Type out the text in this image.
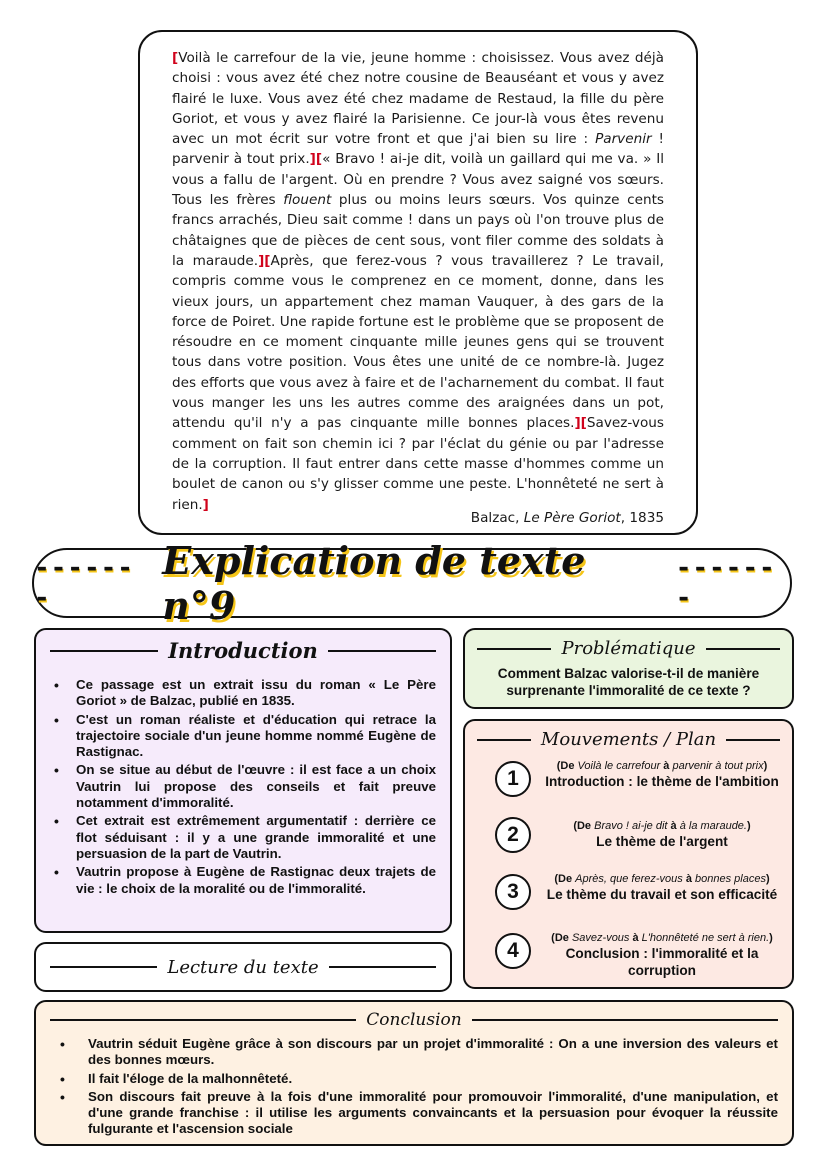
[Voilà le carrefour de la vie, jeune homme : choisissez. Vous avez déjà choisi : vous avez été chez notre cousine de Beauséant et vous y avez flairé le luxe. Vous avez été chez madame de Restaud, la fille du père Goriot, et vous y avez flairé la Parisienne. Ce jour-là vous êtes revenu avec un mot écrit sur votre front et que j'ai bien su lire : Parvenir ! parvenir à tout prix.][« Bravo ! ai-je dit, voilà un gaillard qui me va. » Il vous a fallu de l'argent. Où en prendre ? Vous avez saigné vos sœurs. Tous les frères flouent plus ou moins leurs sœurs. Vos quinze cents francs arrachés, Dieu sait comme ! dans un pays où l'on trouve plus de châtaignes que de pièces de cent sous, vont filer comme des soldats à la maraude.][Après, que ferez-vous ? vous travaillerez ? Le travail, compris comme vous le comprenez en ce moment, donne, dans les vieux jours, un appartement chez maman Vauquer, à des gars de la force de Poiret. Une rapide fortune est le problème que se proposent de résoudre en ce moment cinquante mille jeunes gens qui se trouvent tous dans votre position. Vous êtes une unité de ce nombre-là. Jugez des efforts que vous avez à faire et de l'acharnement du combat. Il faut vous manger les uns les autres comme des araignées dans un pot, attendu qu'il n'y a pas cinquante mille bonnes places.][Savez-vous comment on fait son chemin ici ? par l'éclat du génie ou par l'adresse de la corruption. Il faut entrer dans cette masse d'hommes comme un boulet de canon ou s'y glisser comme une peste. L'honnêteté ne sert à rien.]

Balzac, Le Père Goriot, 1835
-------
Explication de texte n°9
-------
Introduction
• Ce passage est un extrait issu du roman « Le Père Goriot » de Balzac, publié en 1835.
• C'est un roman réaliste et d'éducation qui retrace la trajectoire sociale d'un jeune homme nommé Eugène de Rastignac.
• On se situe au début de l'œuvre : il est face a un choix Vautrin lui propose des conseils et fait preuve notamment d'immoralité.
• Cet extrait est extrêmement argumentatif : derrière ce flot séduisant : il y a une grande immoralité et une persuasion de la part de Vautrin.
• Vautrin propose à Eugène de Rastignac deux trajets de vie : le choix de la moralité ou de l'immoralité.
Lecture du texte
Problématique
Comment Balzac valorise-t-il de manière surprenante l'immoralité de ce texte ?
Mouvements / Plan
1
(De Voilà le carrefour à parvenir à tout prix)
Introduction : le thème de l'ambition
2	(De Bravo ! ai-je dit à à la maraude.)
Le thème de l'argent
3
(De Après, que ferez-vous à bonnes places)
Le thème du travail et son efficacité
4
(De Savez-vous à L'honnêteté ne sert à rien.)
Conclusion : l'immoralité et la corruption
Conclusion
• Vautrin séduit Eugène grâce à son discours par un projet d'immoralité : On a une inversion des valeurs et des bonnes mœurs.
• Il fait l'éloge de la malhonnêteté.
• Son discours fait preuve à la fois d'une immoralité pour promouvoir l'immoralité, d'une manipulation, et d'une grande franchise : il utilise les arguments convaincants et la persuasion pour évoquer la réussite fulgurante et l'ascension sociale
